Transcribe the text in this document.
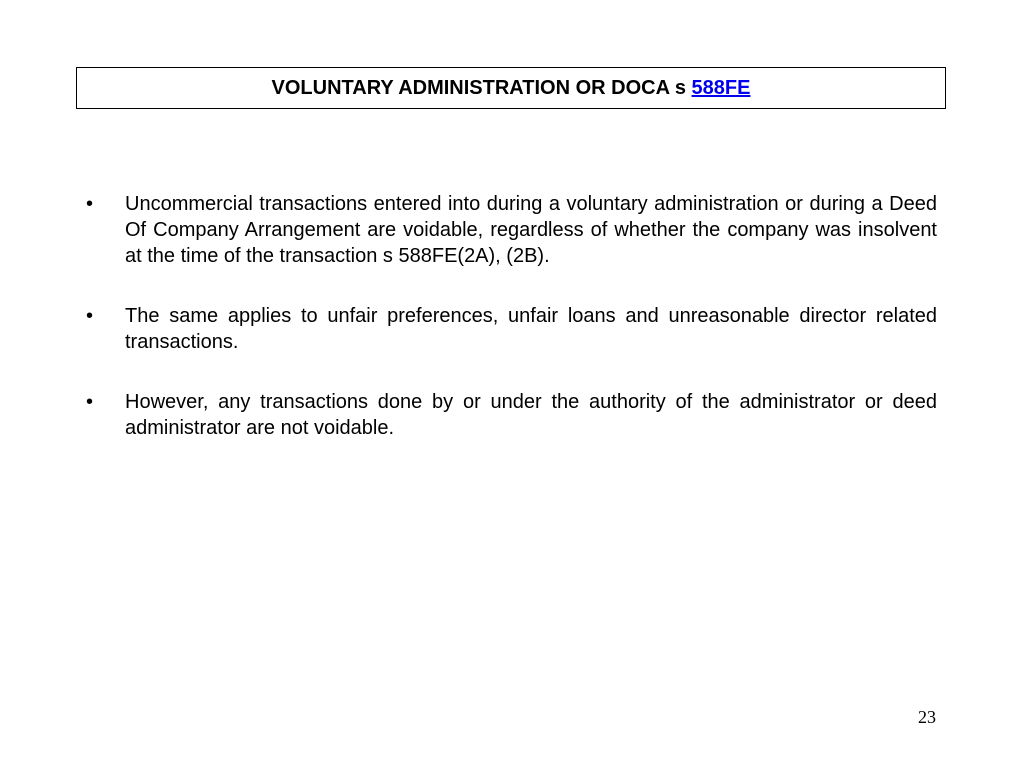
VOLUNTARY ADMINISTRATION OR DOCA s 588FE
•	Uncommercial transactions entered into during a voluntary administration or during a Deed Of Company Arrangement are voidable, regardless of whether the company was insolvent at the time of the transaction s 588FE(2A), (2B).
•	The same applies to unfair preferences, unfair loans and unreasonable director related transactions.
•	However, any transactions done by or under the authority of the administrator or deed administrator are not voidable.
23
